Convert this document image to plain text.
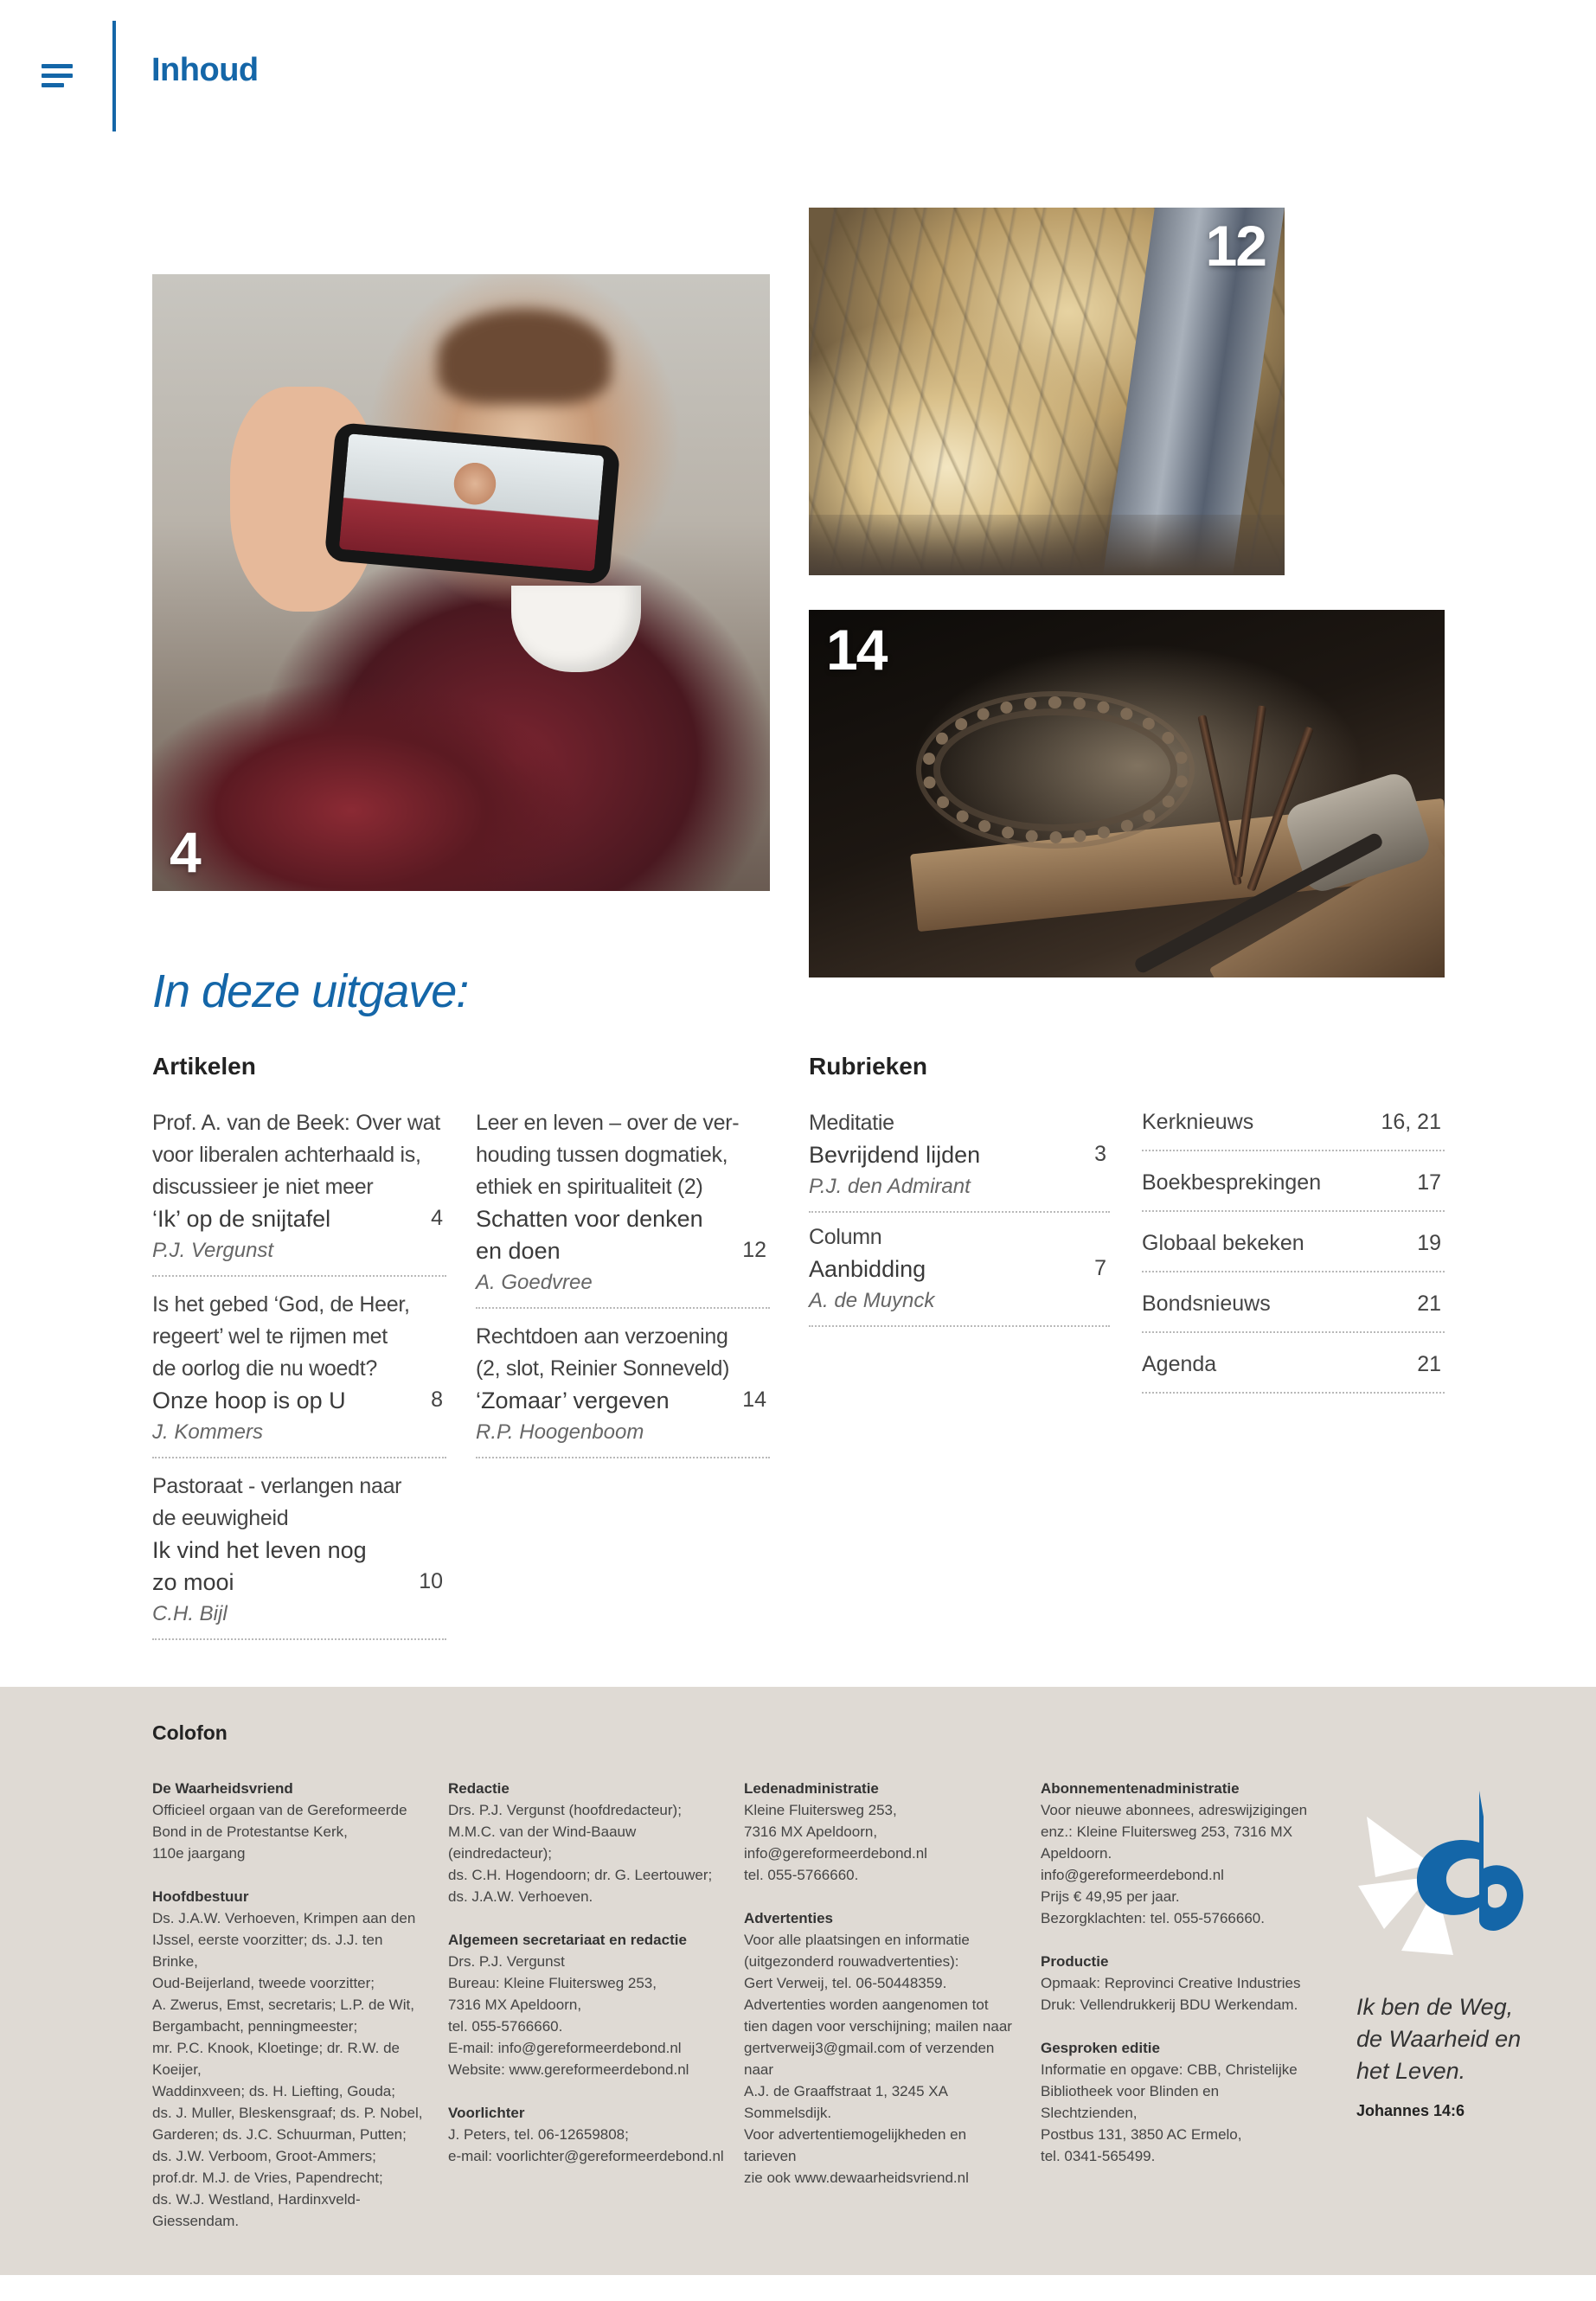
Inhoud
4
12
14
In deze uitgave:
Artikelen	Rubrieken
Prof. A. van de Beek: Over wat
voor liberalen achterhaald is,
discussieer je niet meer
‘Ik’ op de snijtafel	4
P.J. Vergunst
Is het gebed ‘God, de Heer,
regeert’ wel te rijmen met
de oorlog die nu woedt?
Onze hoop is op U	8
J. Kommers
Pastoraat - verlangen naar
de eeuwigheid
Ik vind het leven nog
zo mooi	10
C.H. Bijl
Leer en leven – over de ver-
houding tussen dogmatiek,
ethiek en spiritualiteit (2)
Schatten voor denken
en doen	12
A. Goedvree
Rechtdoen aan verzoening
(2, slot, Reinier Sonneveld)
‘Zomaar’ vergeven	14
R.P. Hoogenboom
Meditatie
Bevrijdend lijden	3
P.J. den Admirant
Column
Aanbidding	7
A. de Muynck
Kerknieuws	16, 21
Boekbesprekingen	17
Globaal bekeken	19
Bondsnieuws	21
Agenda	21
Colofon
De Waarheidsvriend
Officieel orgaan van de Gereformeerde
Bond in de Protestantse Kerk,
110e jaargang
Hoofdbestuur
Ds. J.A.W. Verhoeven, Krimpen aan den
IJssel, eerste voorzitter; ds. J.J. ten Brinke,
Oud-Beijerland, tweede voorzitter;
A. Zwerus, Emst, secretaris; L.P. de Wit,
Bergambacht, penningmeester;
mr. P.C. Knook, Kloetinge; dr. R.W. de Koeijer,
Waddinxveen; ds. H. Liefting, Gouda;
ds. J. Muller, Bleskensgraaf; ds. P. Nobel,
Garderen; ds. J.C. Schuurman, Putten;
ds. J.W. Verboom, Groot-Ammers;
prof.dr. M.J. de Vries, Papendrecht;
ds. W.J. Westland, Hardinxveld-Giessendam.
Redactie
Drs. P.J. Vergunst (hoofdredacteur);
M.M.C. van der Wind-Baauw (eindredacteur);
ds. C.H. Hogendoorn; dr. G. Leertouwer;
ds. J.A.W. Verhoeven.
Algemeen secretariaat en redactie
Drs. P.J. Vergunst
Bureau: Kleine Fluitersweg 253,
7316 MX Apeldoorn,
tel. 055-5766660.
E-mail: info@gereformeerdebond.nl
Website: www.gereformeerdebond.nl
Voorlichter
J. Peters, tel. 06-12659808;
e-mail: voorlichter@gereformeerdebond.nl
Ledenadministratie
Kleine Fluitersweg 253,
7316 MX Apeldoorn,
info@gereformeerdebond.nl
tel. 055-5766660.
Advertenties
Voor alle plaatsingen en informatie
(uitgezonderd rouwadvertenties):
Gert Verweij, tel. 06-50448359.
Advertenties worden aangenomen tot
tien dagen voor verschijning; mailen naar
gertverweij3@gmail.com of verzenden naar
A.J. de Graaffstraat 1, 3245 XA Sommelsdijk.
Voor advertentiemogelijkheden en tarieven
zie ook www.dewaarheidsvriend.nl
Abonnementenadministratie
Voor nieuwe abonnees, adreswijzigingen
enz.: Kleine Fluitersweg 253, 7316 MX
Apeldoorn.
info@gereformeerdebond.nl
Prijs € 49,95 per jaar.
Bezorgklachten: tel. 055-5766660.
Productie
Opmaak: Reprovinci Creative Industries
Druk: Vellendrukkerij BDU Werkendam.
Gesproken editie
Informatie en opgave: CBB, Christelijke
Bibliotheek voor Blinden en Slechtzienden,
Postbus 131, 3850 AC Ermelo,
tel. 0341-565499.
Ik ben de Weg,
de Waarheid en
het Leven.
Johannes 14:6
